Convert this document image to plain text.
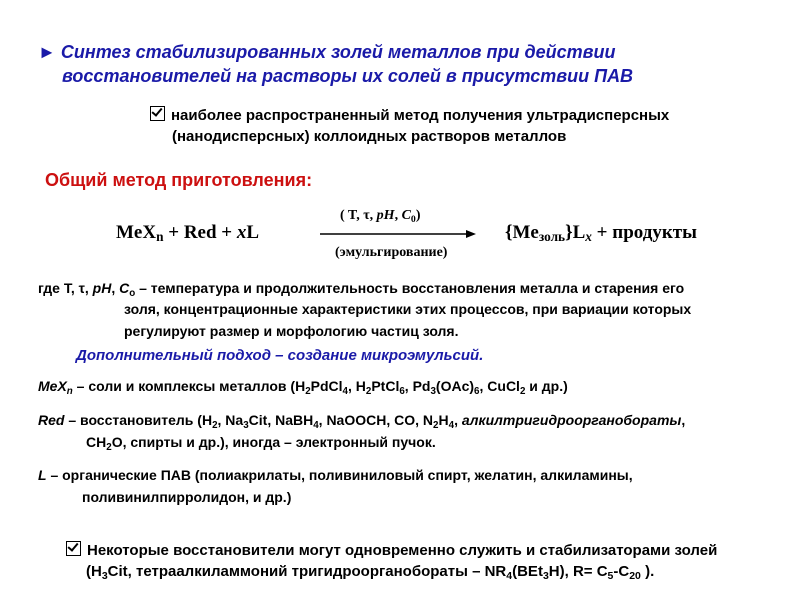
► Синтез стабилизированных золей металлов при действии
восстановителей на растворы их солей в присутствии ПАВ
наиболее распространенный метод получения ультрадисперсных
(нанодисперсных) коллоидных растворов металлов
Общий метод приготовления:
MeX$_n$ + Red + xL
( T, τ, pH, $C_0$)
(эмульгирование)
$\{Me_{золь}\}L_x$ + продукты
где T, τ, pH, $C_o$ – температура и продолжительность восстановления металла и старения его
золя, концентрационные характеристики этих процессов, при вариации которых
регулируют размер и морфологию частиц золя.
Дополнительный подход – создание микроэмульсий.
MeX$_n$ – соли и комплексы металлов ($H_2PdCl_4$, $H_2PtCl_6$, $Pd_3(OAc)_6$, CuCl$_2$ и др.)
Red – восстановитель ($H_2$, $Na_3Cit$, NaBH$_4$, NaOOCH, CO, $N_2H_4$, алкилтригидроорганобораты,
$CH_2O$, спирты и др.), иногда – электронный пучок.
L – органические ПАВ (полиакрилаты, поливиниловый спирт, желатин, алкиламины,
поливинилпирролидон, и др.)
Некоторые восстановители могут одновременно служить и стабилизаторами золей
($H_3Cit$, тетраалкиламмоний тригидроорганобораты – $NR_4(BEt_3H)$, $R= C_5-C_{20}$ ).
